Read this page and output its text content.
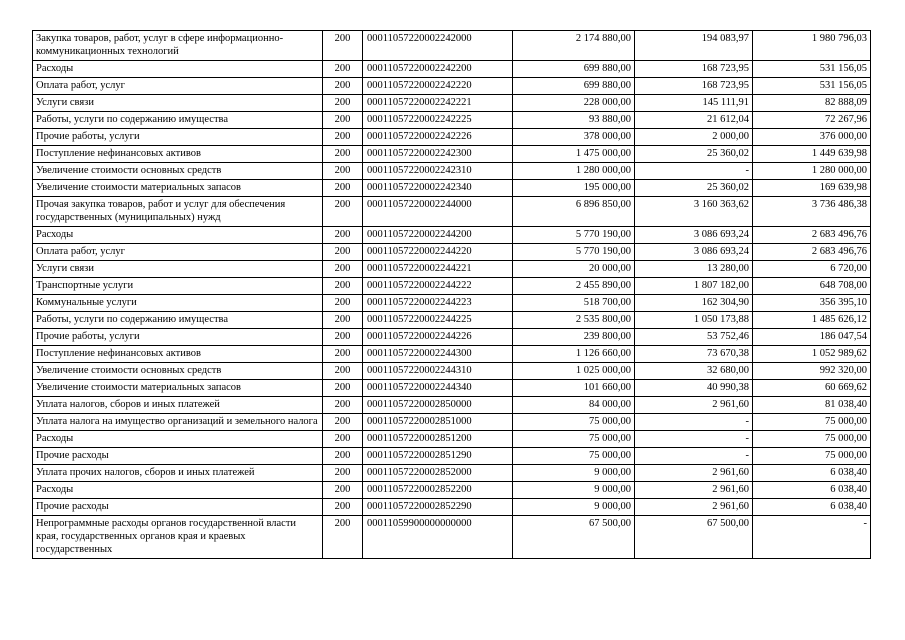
Закупка товаров, работ, услуг в сфере информационно-коммуникационных технологий	200	00011057220002242000	2 174 880,00	194 083,97	1 980 796,03
Расходы	200	00011057220002242200	699 880,00	168 723,95	531 156,05
Оплата работ, услуг	200	00011057220002242220	699 880,00	168 723,95	531 156,05
Услуги связи	200	00011057220002242221	228 000,00	145 111,91	82 888,09
Работы, услуги по содержанию имущества	200	00011057220002242225	93 880,00	21 612,04	72 267,96
Прочие работы, услуги	200	00011057220002242226	378 000,00	2 000,00	376 000,00
Поступление нефинансовых активов	200	00011057220002242300	1 475 000,00	25 360,02	1 449 639,98
Увеличение стоимости основных средств	200	00011057220002242310	1 280 000,00	-	1 280 000,00
Увеличение стоимости материальных запасов	200	00011057220002242340	195 000,00	25 360,02	169 639,98
Прочая закупка товаров, работ и услуг для обеспечения государственных (муниципальных) нужд	200	00011057220002244000	6 896 850,00	3 160 363,62	3 736 486,38
Расходы	200	00011057220002244200	5 770 190,00	3 086 693,24	2 683 496,76
Оплата работ, услуг	200	00011057220002244220	5 770 190,00	3 086 693,24	2 683 496,76
Услуги связи	200	00011057220002244221	20 000,00	13 280,00	6 720,00
Транспортные услуги	200	00011057220002244222	2 455 890,00	1 807 182,00	648 708,00
Коммунальные услуги	200	00011057220002244223	518 700,00	162 304,90	356 395,10
Работы, услуги по содержанию имущества	200	00011057220002244225	2 535 800,00	1 050 173,88	1 485 626,12
Прочие работы, услуги	200	00011057220002244226	239 800,00	53 752,46	186 047,54
Поступление нефинансовых активов	200	00011057220002244300	1 126 660,00	73 670,38	1 052 989,62
Увеличение стоимости основных средств	200	00011057220002244310	1 025 000,00	32 680,00	992 320,00
Увеличение стоимости материальных запасов	200	00011057220002244340	101 660,00	40 990,38	60 669,62
Уплата налогов, сборов и иных платежей	200	00011057220002850000	84 000,00	2 961,60	81 038,40
Уплата налога на имущество организаций и земельного налога	200	00011057220002851000	75 000,00	-	75 000,00
Расходы	200	00011057220002851200	75 000,00	-	75 000,00
Прочие расходы	200	00011057220002851290	75 000,00	-	75 000,00
Уплата прочих налогов, сборов и иных платежей	200	00011057220002852000	9 000,00	2 961,60	6 038,40
Расходы	200	00011057220002852200	9 000,00	2 961,60	6 038,40
Прочие расходы	200	00011057220002852290	9 000,00	2 961,60	6 038,40
Непрограммные расходы органов государственной власти края, государственных органов края и краевых государственных	200	00011059900000000000	67 500,00	67 500,00	-
